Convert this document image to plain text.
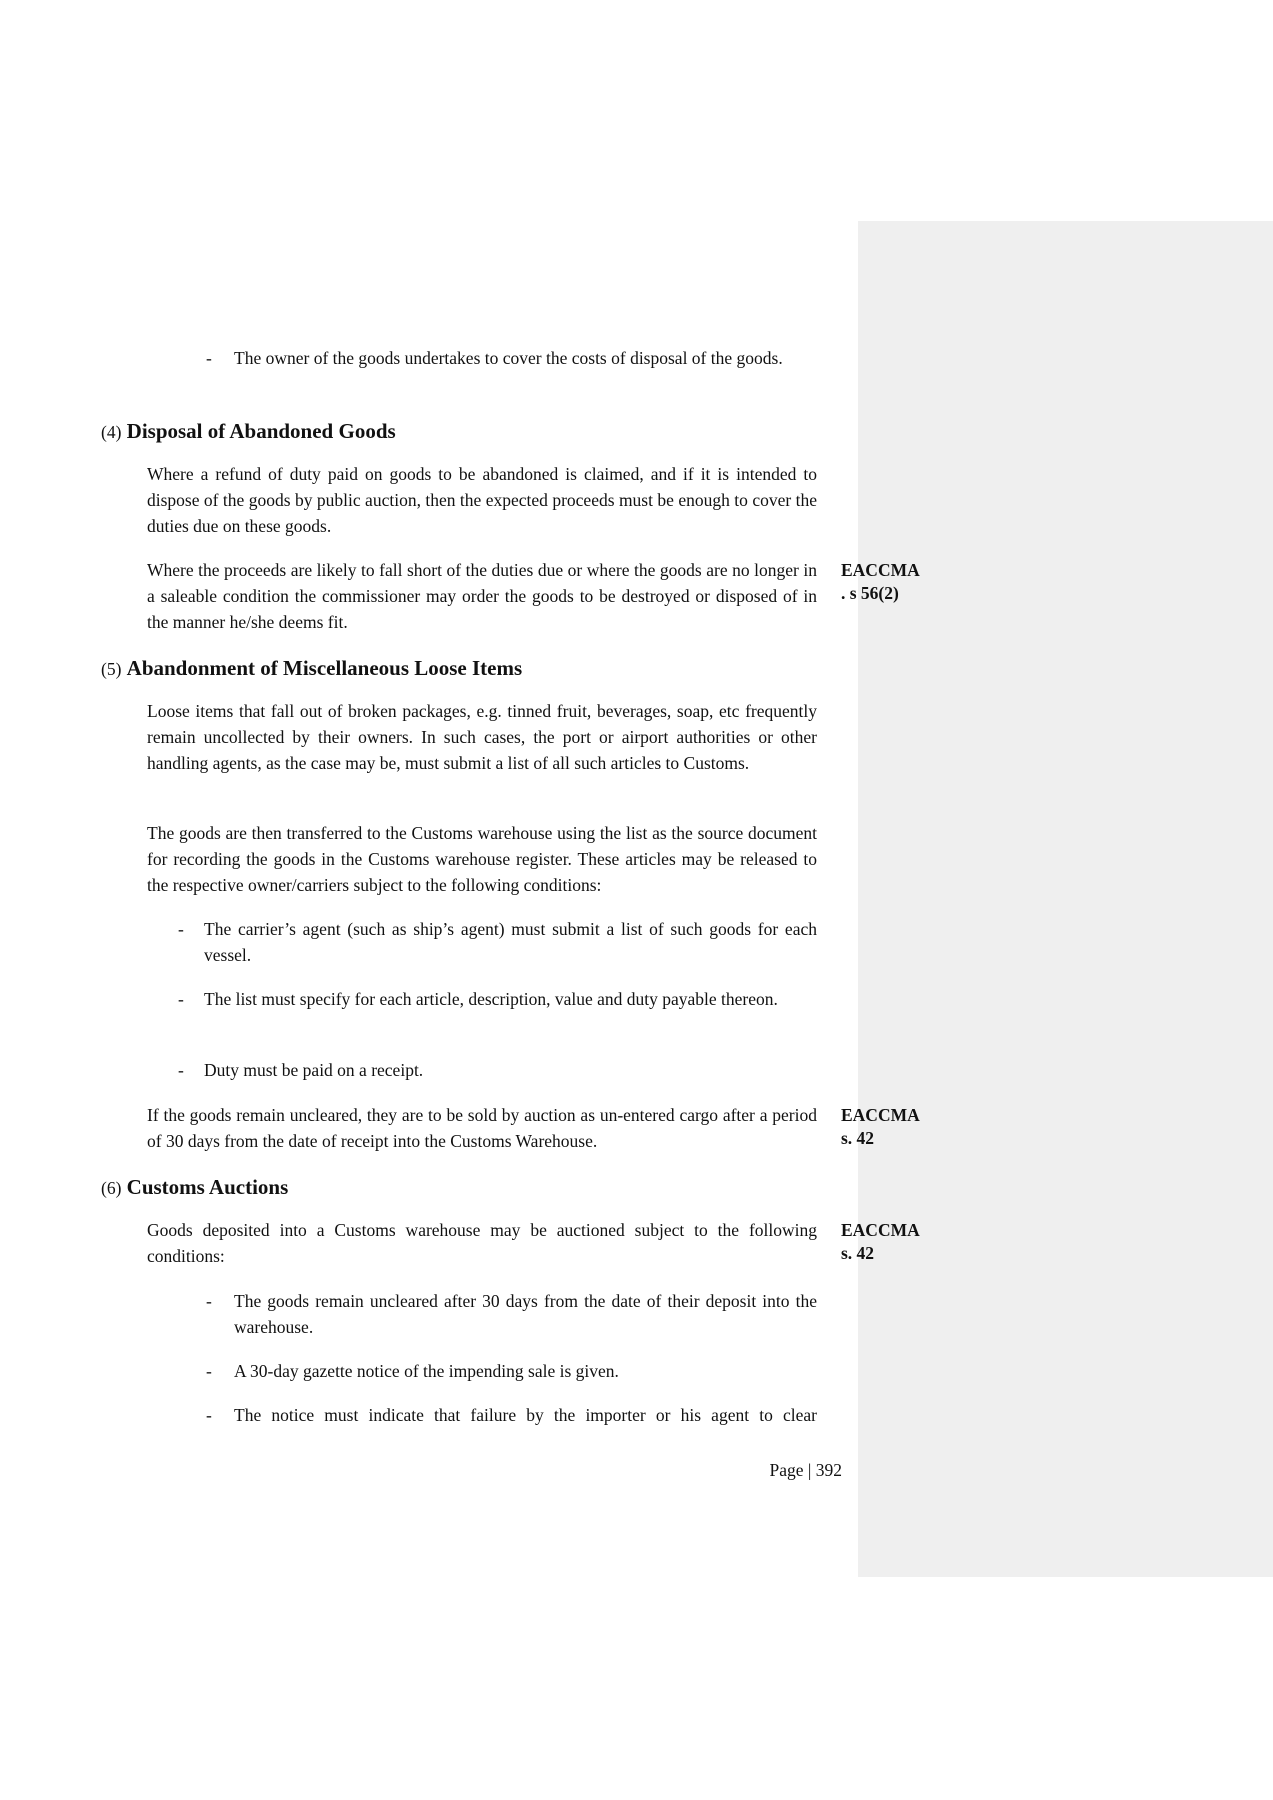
- The owner of the goods undertakes to cover the costs of disposal of the goods.
(4) Disposal of Abandoned Goods
Where a refund of duty paid on goods to be abandoned is claimed, and if it is intended to dispose of the goods by public auction, then the expected proceeds must be enough to cover the duties due on these goods.
Where the proceeds are likely to fall short of the duties due or where the goods are no longer in a saleable condition the commissioner may order the goods to be destroyed or disposed of in the manner he/she deems fit.
EACCMA
. s 56(2)
(5) Abandonment of Miscellaneous Loose Items
Loose items that fall out of broken packages, e.g. tinned fruit, beverages, soap, etc frequently remain uncollected by their owners. In such cases, the port or airport authorities or other handling agents, as the case may be, must submit a list of all such articles to Customs.
The goods are then transferred to the Customs warehouse using the list as the source document for recording the goods in the Customs warehouse register. These articles may be released to the respective owner/carriers subject to the following conditions:
- The carrier’s agent (such as ship’s agent) must submit a list of such goods for each vessel.
- The list must specify for each article, description, value and duty payable thereon.
- Duty must be paid on a receipt.
If the goods remain uncleared, they are to be sold by auction as un-entered cargo after a period of 30 days from the date of receipt into the Customs Warehouse.
EACCMA
s. 42
(6) Customs Auctions
Goods deposited into a Customs warehouse may be auctioned subject to the following conditions:
EACCMA
s. 42
- The goods remain uncleared after 30 days from the date of their deposit into the warehouse.
- A 30-day gazette notice of the impending sale is given.
- The notice must indicate that failure by the importer or his agent to clear
Page | 392
